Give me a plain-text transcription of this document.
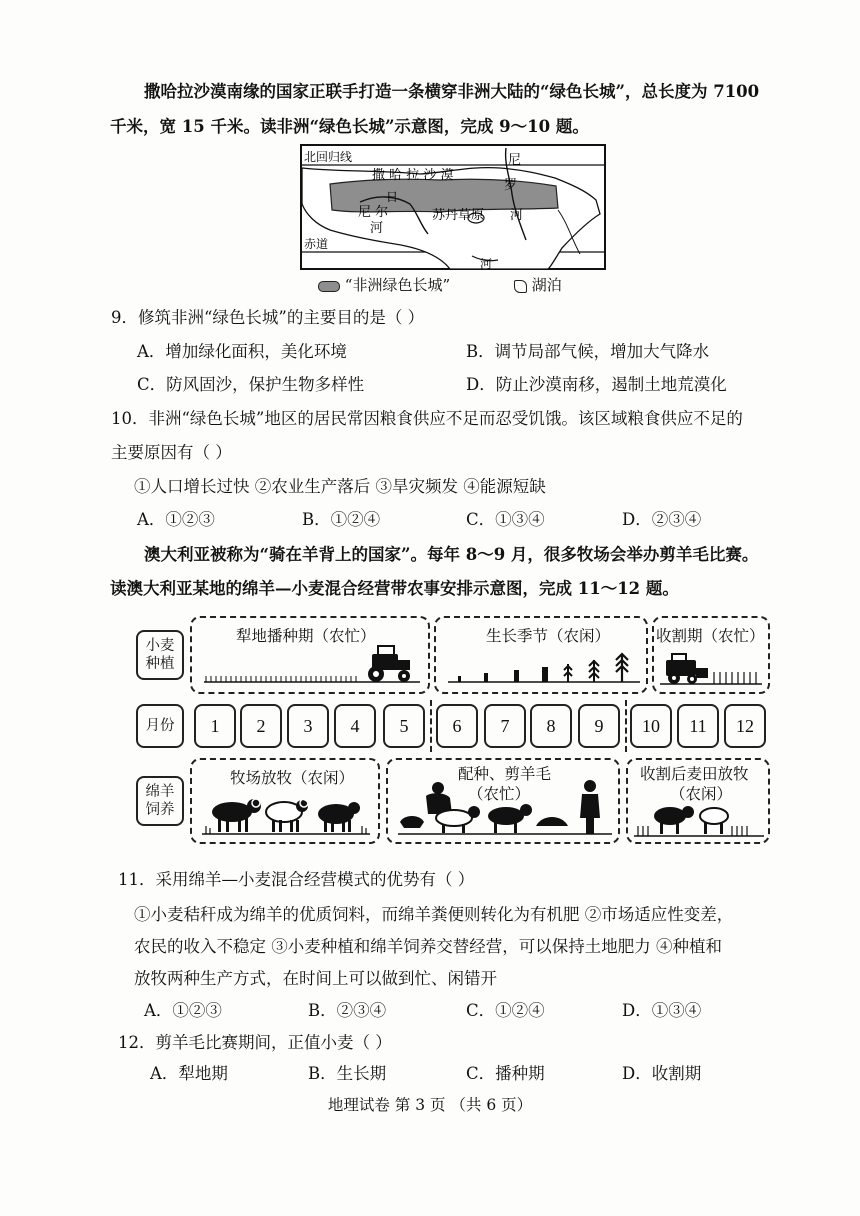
撒哈拉沙漠南缘的国家正联手打造一条横穿非洲大陆的“绿色长城”，总长度为 7100
千米，宽 15 千米。读非洲“绿色长城”示意图，完成 9～10 题。
北回归线
撒 哈 拉 沙 漠
尼
罗
河
日
尼 尔
河
苏丹草原
赤道
河
“非洲绿色长城”	湖泊
9．修筑非洲“绿色长城”的主要目的是（ ）
A．增加绿化面积，美化环境	B．调节局部气候，增加大气降水
C．防风固沙，保护生物多样性	D．防止沙漠南移，遏制土地荒漠化
10．非洲“绿色长城”地区的居民常因粮食供应不足而忍受饥饿。该区域粮食供应不足的
主要原因有（ ）
①人口增长过快 ②农业生产落后 ③旱灾频发 ④能源短缺
A．①②③	B．①②④	C．①③④	D．②③④
澳大利亚被称为“骑在羊背上的国家”。每年 8～9 月，很多牧场会举办剪羊毛比赛。
读澳大利亚某地的绵羊—小麦混合经营带农事安排示意图，完成 11～12 题。
小麦
种植
月份
绵羊
饲养
犁地播种期（农忙）	生长季节（农闲）	收割期（农忙）
1	2	3	4	5	6	7	8	9	10	11	12
牧场放牧（农闲）	配种、剪羊毛
（农忙）
收割后麦田放牧
（农闲）
11．采用绵羊—小麦混合经营模式的优势有（ ）
①小麦秸秆成为绵羊的优质饲料，而绵羊粪便则转化为有机肥 ②市场适应性变差，
农民的收入不稳定 ③小麦种植和绵羊饲养交替经营，可以保持土地肥力 ④种植和
放牧两种生产方式，在时间上可以做到忙、闲错开
A．①②③	B．②③④	C．①②④	D．①③④
12．剪羊毛比赛期间，正值小麦（ ）
A．犁地期	B．生长期	C．播种期	D．收割期
地理试卷 第 3 页 （共 6 页）
